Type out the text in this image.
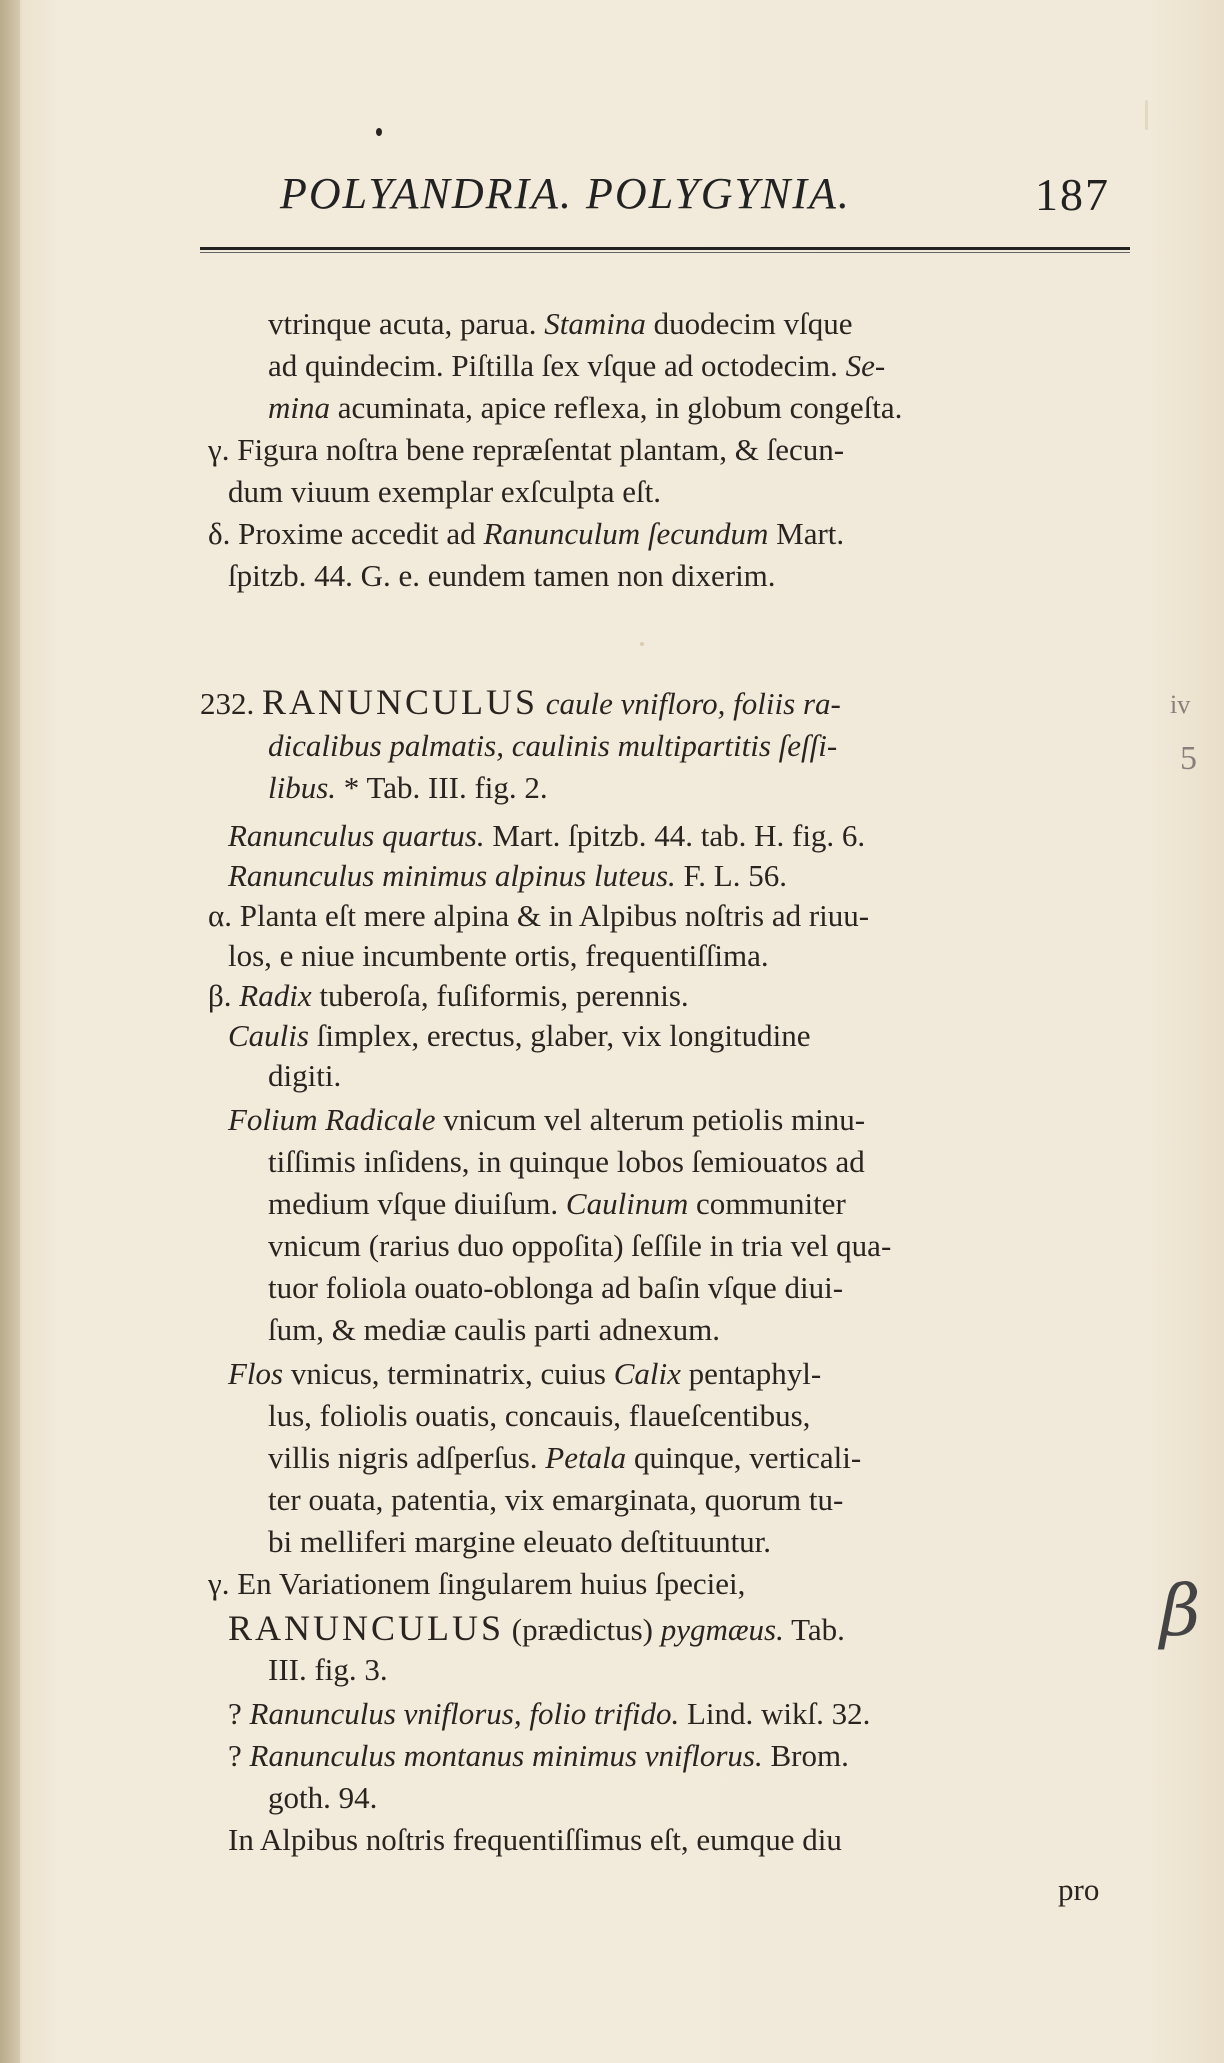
POLYANDRIA. POLYGYNIA.	187
vtrinque acuta, parua. Stamina duodecim vſque
ad quindecim. Piſtilla ſex vſque ad octodecim. Se-
mina acuminata, apice reflexa, in globum congeſta.
γ. Figura noſtra bene repræſentat plantam, & ſecun-
dum viuum exemplar exſculpta eſt.
δ. Proxime accedit ad Ranunculum ſecundum Mart.
ſpitzb. 44. G. e. eundem tamen non dixerim.
232. RANUNCULUS caule vnifloro, foliis ra-
dicalibus palmatis, caulinis multipartitis ſeſſi-
libus. * Tab. III. fig. 2.
Ranunculus quartus. Mart. ſpitzb. 44. tab. H. fig. 6.
Ranunculus minimus alpinus luteus. F. L. 56.
α. Planta eſt mere alpina & in Alpibus noſtris ad riuu-
los, e niue incumbente ortis, frequentiſſima.
β. Radix tuberoſa, fuſiformis, perennis.
Caulis ſimplex, erectus, glaber, vix longitudine
digiti.
Folium Radicale vnicum vel alterum petiolis minu-
tiſſimis inſidens, in quinque lobos ſemiouatos ad
medium vſque diuiſum. Caulinum communiter
vnicum (rarius duo oppoſita) ſeſſile in tria vel qua-
tuor foliola ouato-oblonga ad baſin vſque diui-
ſum, & mediæ caulis parti adnexum.
Flos vnicus, terminatrix, cuius Calix pentaphyl-
lus, foliolis ouatis, concauis, flaueſcentibus,
villis nigris adſperſus. Petala quinque, verticali-
ter ouata, patentia, vix emarginata, quorum tu-
bi melliferi margine eleuato deſtituuntur.
γ. En Variationem ſingularem huius ſpeciei,
RANUNCULUS (prædictus) pygmæus. Tab.
III. fig. 3.
? Ranunculus vniflorus, folio trifido. Lind. wikſ. 32.
? Ranunculus montanus minimus vniflorus. Brom.
goth. 94.
In Alpibus noſtris frequentiſſimus eſt, eumque diu
pro
iv
5
β
